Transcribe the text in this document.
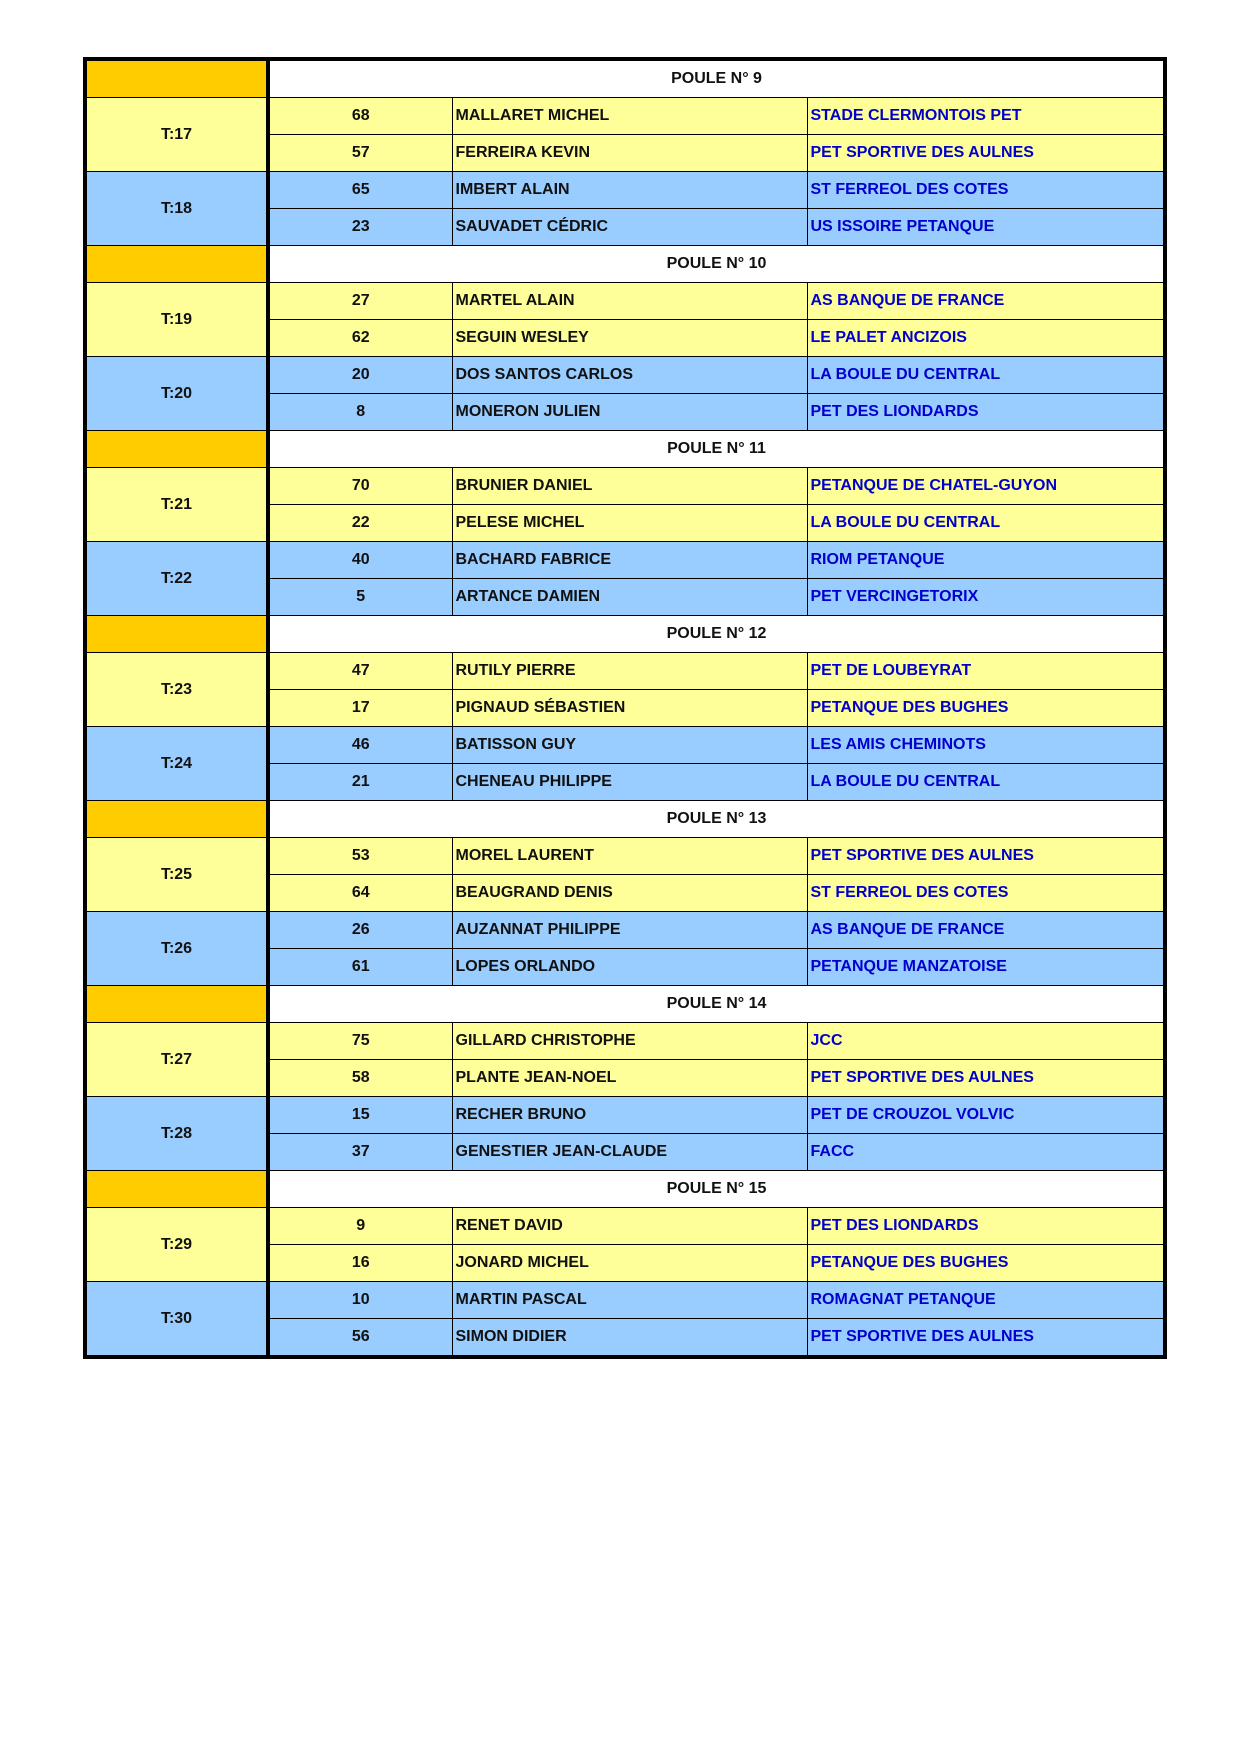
	POULE N° 9		
T:17	68	MALLARET MICHEL	STADE CLERMONTOIS PET
	57	FERREIRA KEVIN	PET SPORTIVE DES AULNES
T:18	65	IMBERT ALAIN	ST FERREOL DES COTES
	23	SAUVADET CÉDRIC	US ISSOIRE PETANQUE
	POULE N° 10		
T:19	27	MARTEL ALAIN	AS BANQUE DE FRANCE
	62	SEGUIN WESLEY	LE PALET ANCIZOIS
T:20	20	DOS SANTOS CARLOS	LA BOULE DU CENTRAL
	8	MONERON JULIEN	PET DES LIONDARDS
	POULE N° 11		
T:21	70	BRUNIER DANIEL	PETANQUE DE CHATEL-GUYON
	22	PELESE MICHEL	LA BOULE DU CENTRAL
T:22	40	BACHARD FABRICE	RIOM PETANQUE
	5	ARTANCE DAMIEN	PET VERCINGETORIX
	POULE N° 12		
T:23	47	RUTILY PIERRE	PET DE LOUBEYRAT
	17	PIGNAUD SÉBASTIEN	PETANQUE DES BUGHES
T:24	46	BATISSON GUY	LES AMIS CHEMINOTS
	21	CHENEAU PHILIPPE	LA BOULE DU CENTRAL
	POULE N° 13		
T:25	53	MOREL LAURENT	PET SPORTIVE DES AULNES
	64	BEAUGRAND DENIS	ST FERREOL DES COTES
T:26	26	AUZANNAT PHILIPPE	AS BANQUE DE FRANCE
	61	LOPES ORLANDO	PETANQUE MANZATOISE
	POULE N° 14		
T:27	75	GILLARD CHRISTOPHE	JCC
	58	PLANTE JEAN-NOEL	PET SPORTIVE DES AULNES
T:28	15	RECHER BRUNO	PET DE CROUZOL VOLVIC
	37	GENESTIER JEAN-CLAUDE	FACC
	POULE N° 15		
T:29	9	RENET DAVID	PET DES LIONDARDS
	16	JONARD MICHEL	PETANQUE DES BUGHES
T:30	10	MARTIN PASCAL	ROMAGNAT PETANQUE
	56	SIMON DIDIER	PET SPORTIVE DES AULNES
